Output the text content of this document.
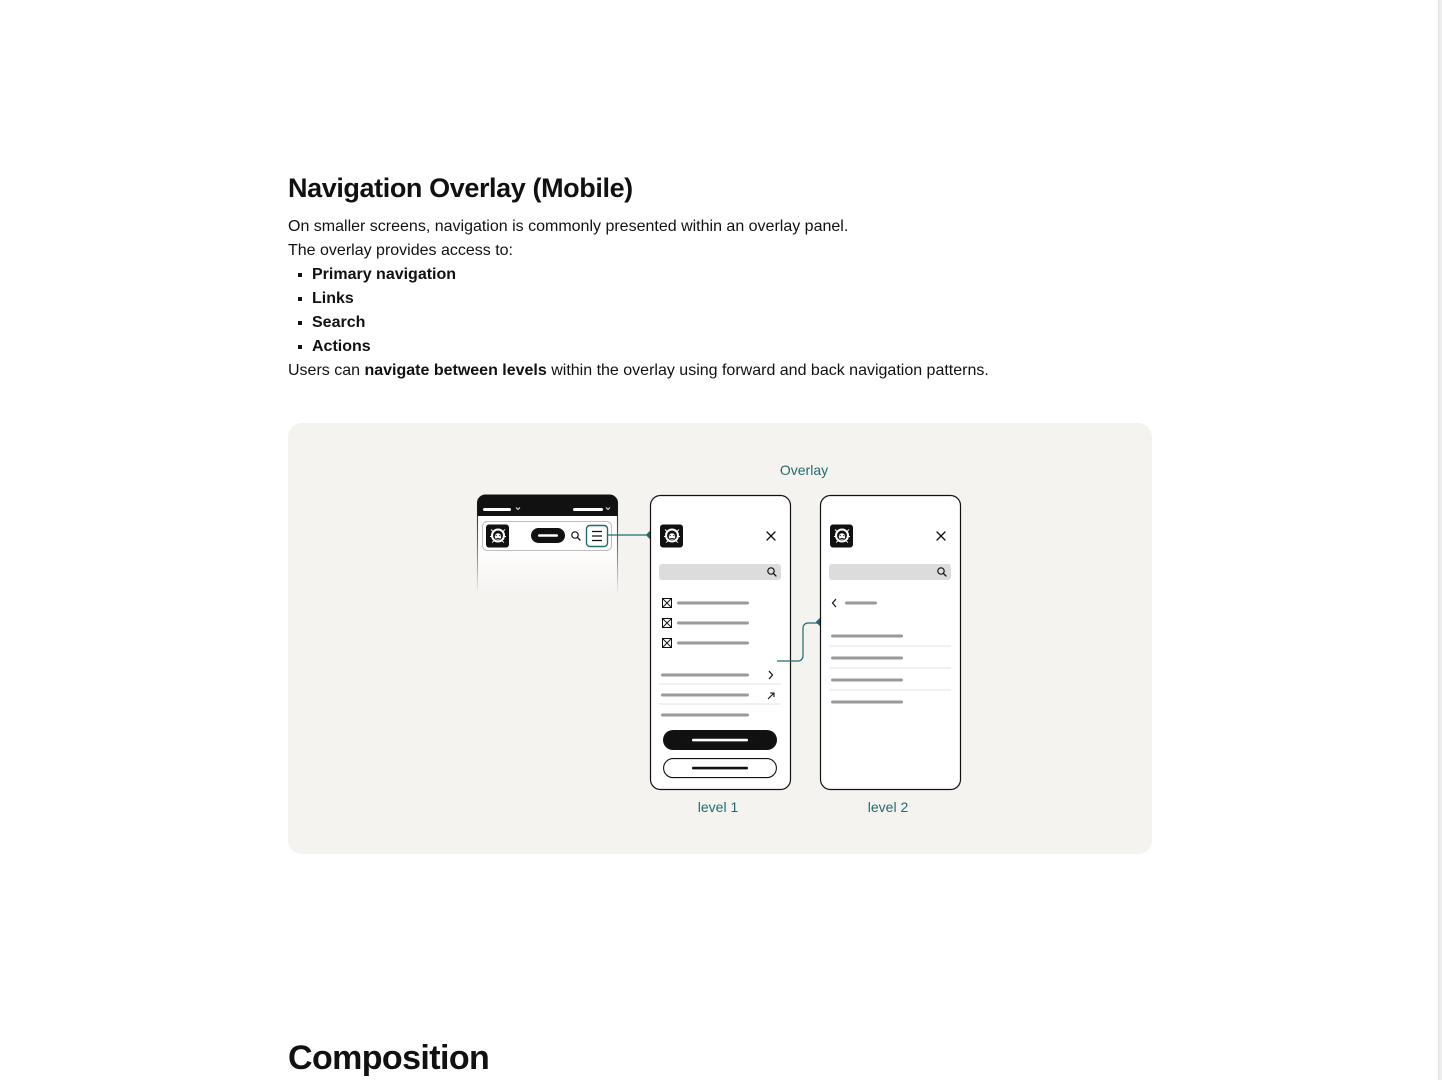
Navigation Overlay (Mobile)

On smaller screens, navigation is commonly presented within an overlay panel.

The overlay provides access to:

Primary navigation
Links
Search
Actions

Users can navigate between levels within the overlay using forward and back navigation patterns.

Overlay
level 1	level 2
Composition
